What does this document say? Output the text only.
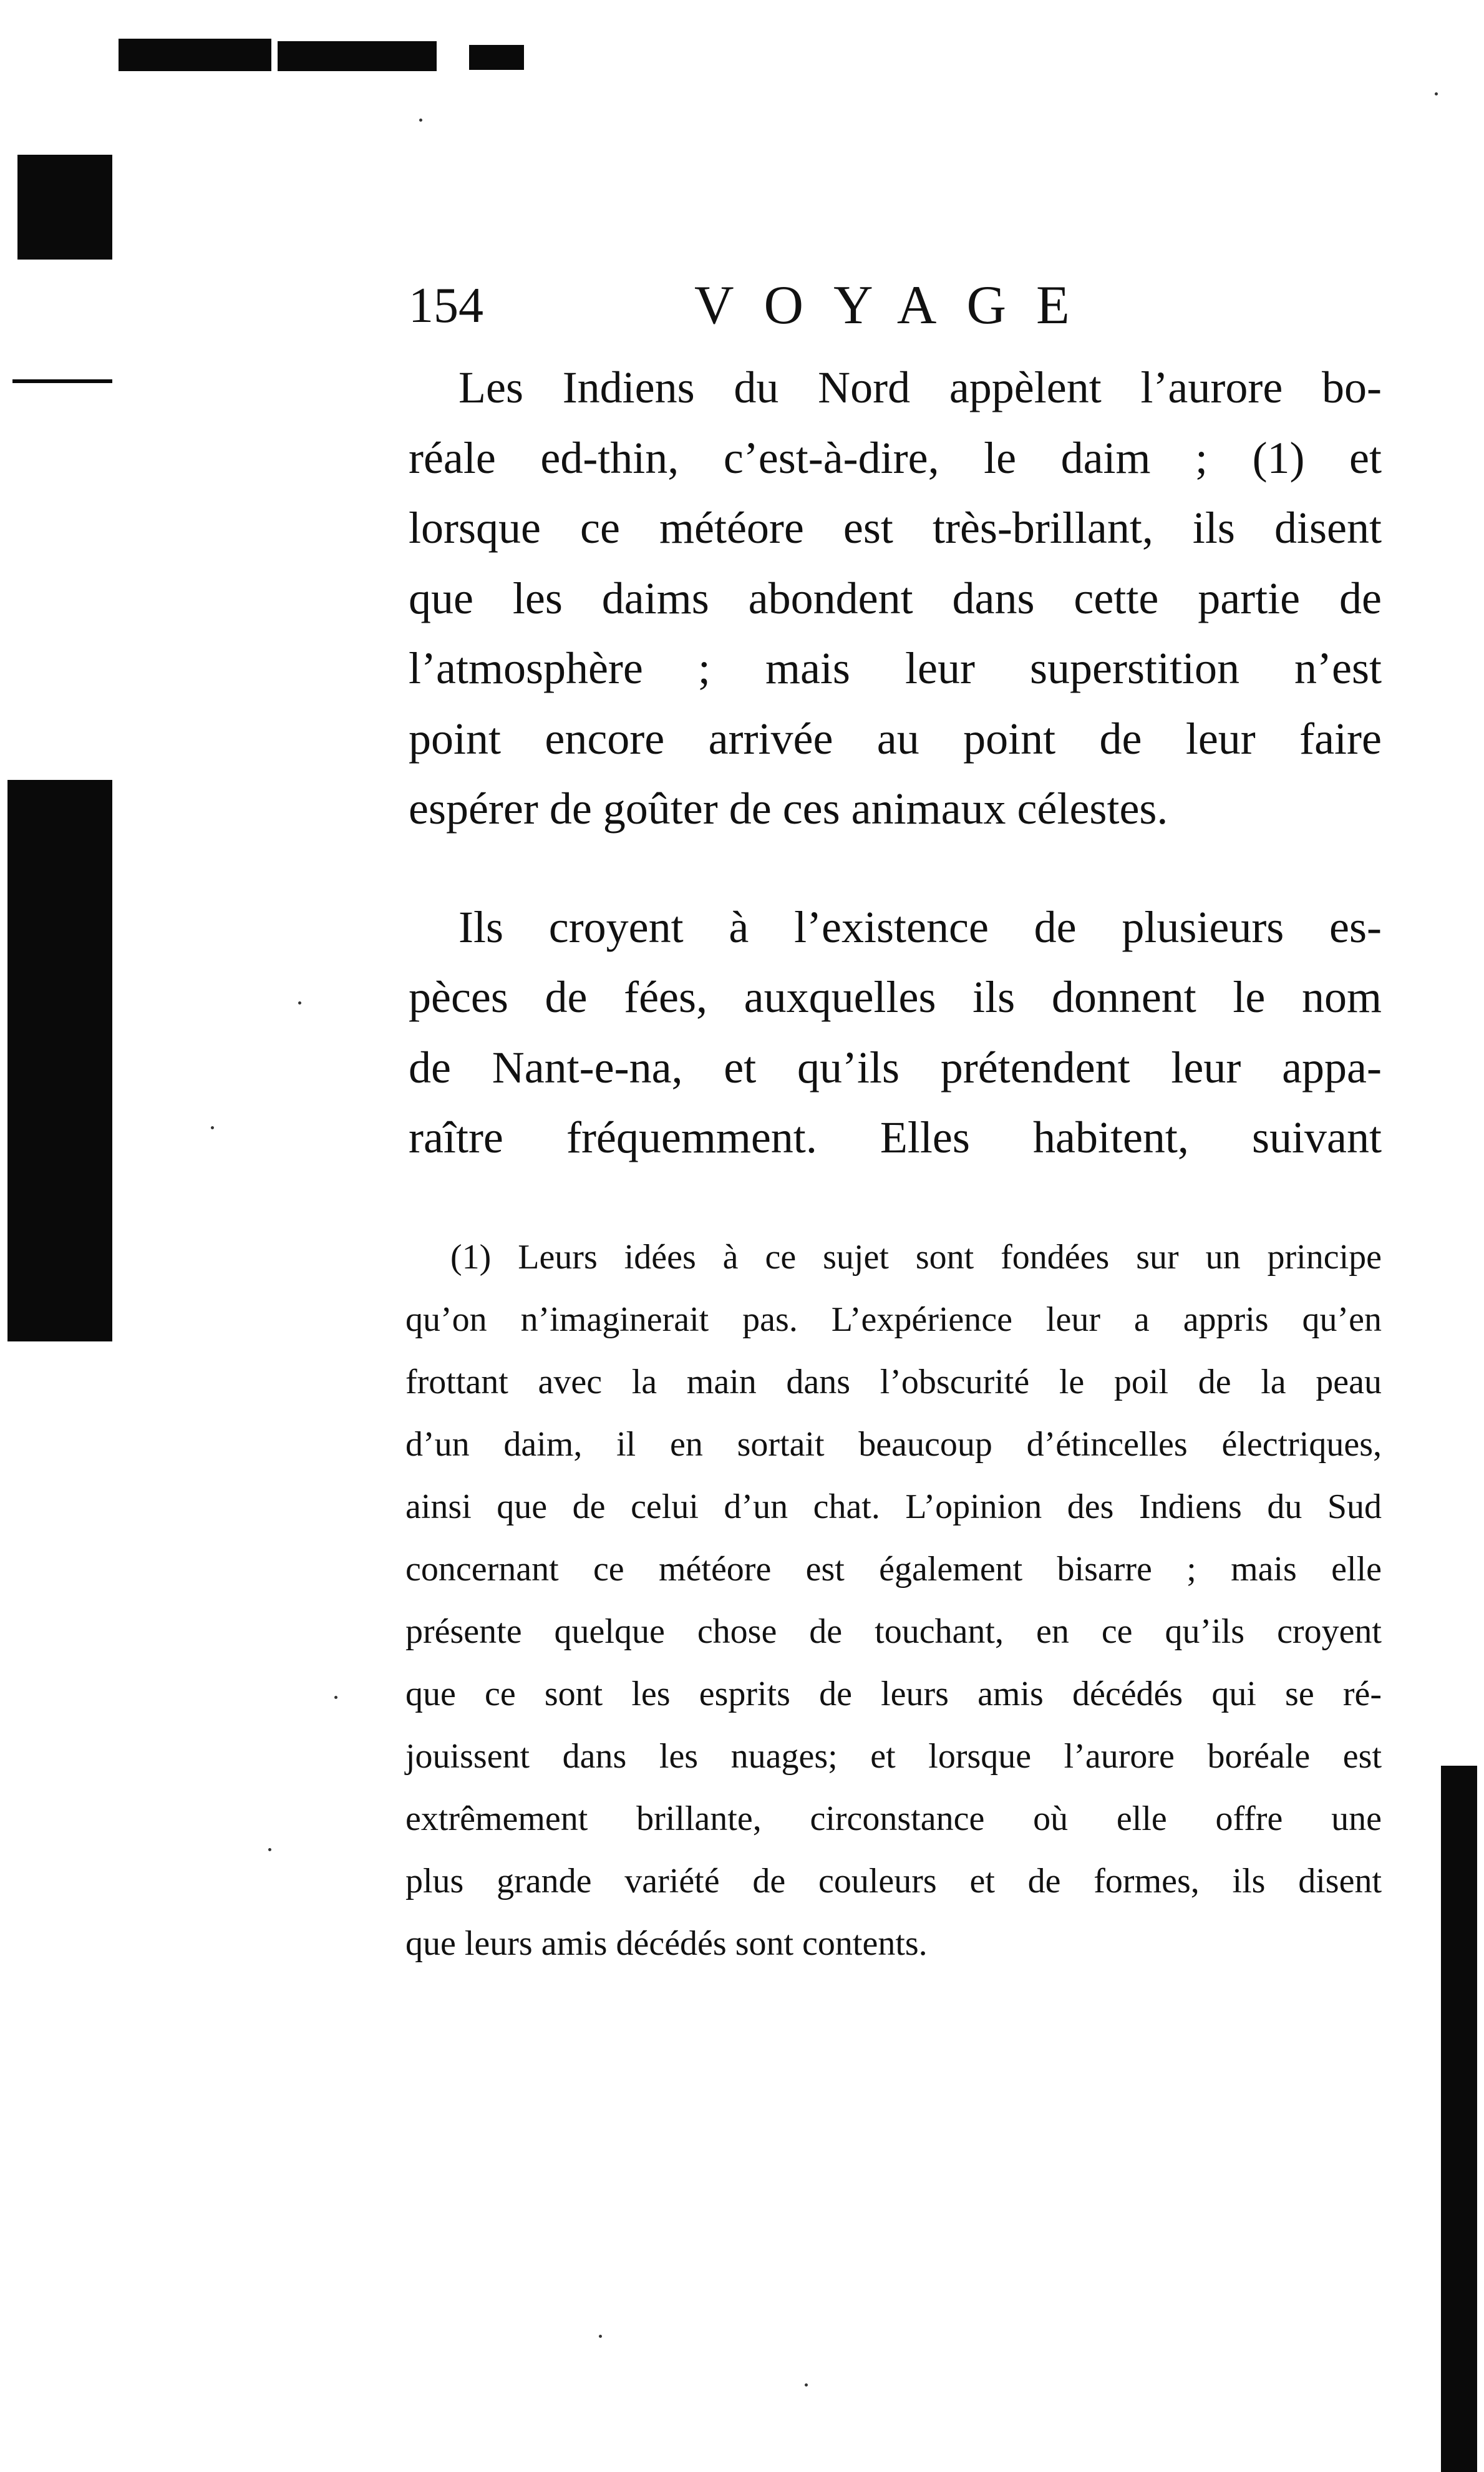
154	VOYAGE
Les Indiens du Nord appèlent l’aurore bo-
réale ed-thin, c’est-à-dire, le daim ; (1) et
lorsque ce météore est très-brillant, ils disent
que les daims abondent dans cette partie de
l’atmosphère ; mais leur superstition n’est
point encore arrivée au point de leur faire
espérer de goûter de ces animaux célestes.
Ils croyent à l’existence de plusieurs es-
pèces de fées, auxquelles ils donnent le nom
de Nant-e-na, et qu’ils prétendent leur appa-
raître fréquemment. Elles habitent, suivant
(1) Leurs idées à ce sujet sont fondées sur un principe
qu’on n’imaginerait pas. L’expérience leur a appris qu’en
frottant avec la main dans l’obscurité le poil de la peau
d’un daim, il en sortait beaucoup d’étincelles électriques,
ainsi que de celui d’un chat. L’opinion des Indiens du Sud
concernant ce météore est également bisarre ; mais elle
présente quelque chose de touchant, en ce qu’ils croyent
que ce sont les esprits de leurs amis décédés qui se ré-
jouissent dans les nuages; et lorsque l’aurore boréale est
extrêmement brillante, circonstance où elle offre une
plus grande variété de couleurs et de formes, ils disent
que leurs amis décédés sont contents.
